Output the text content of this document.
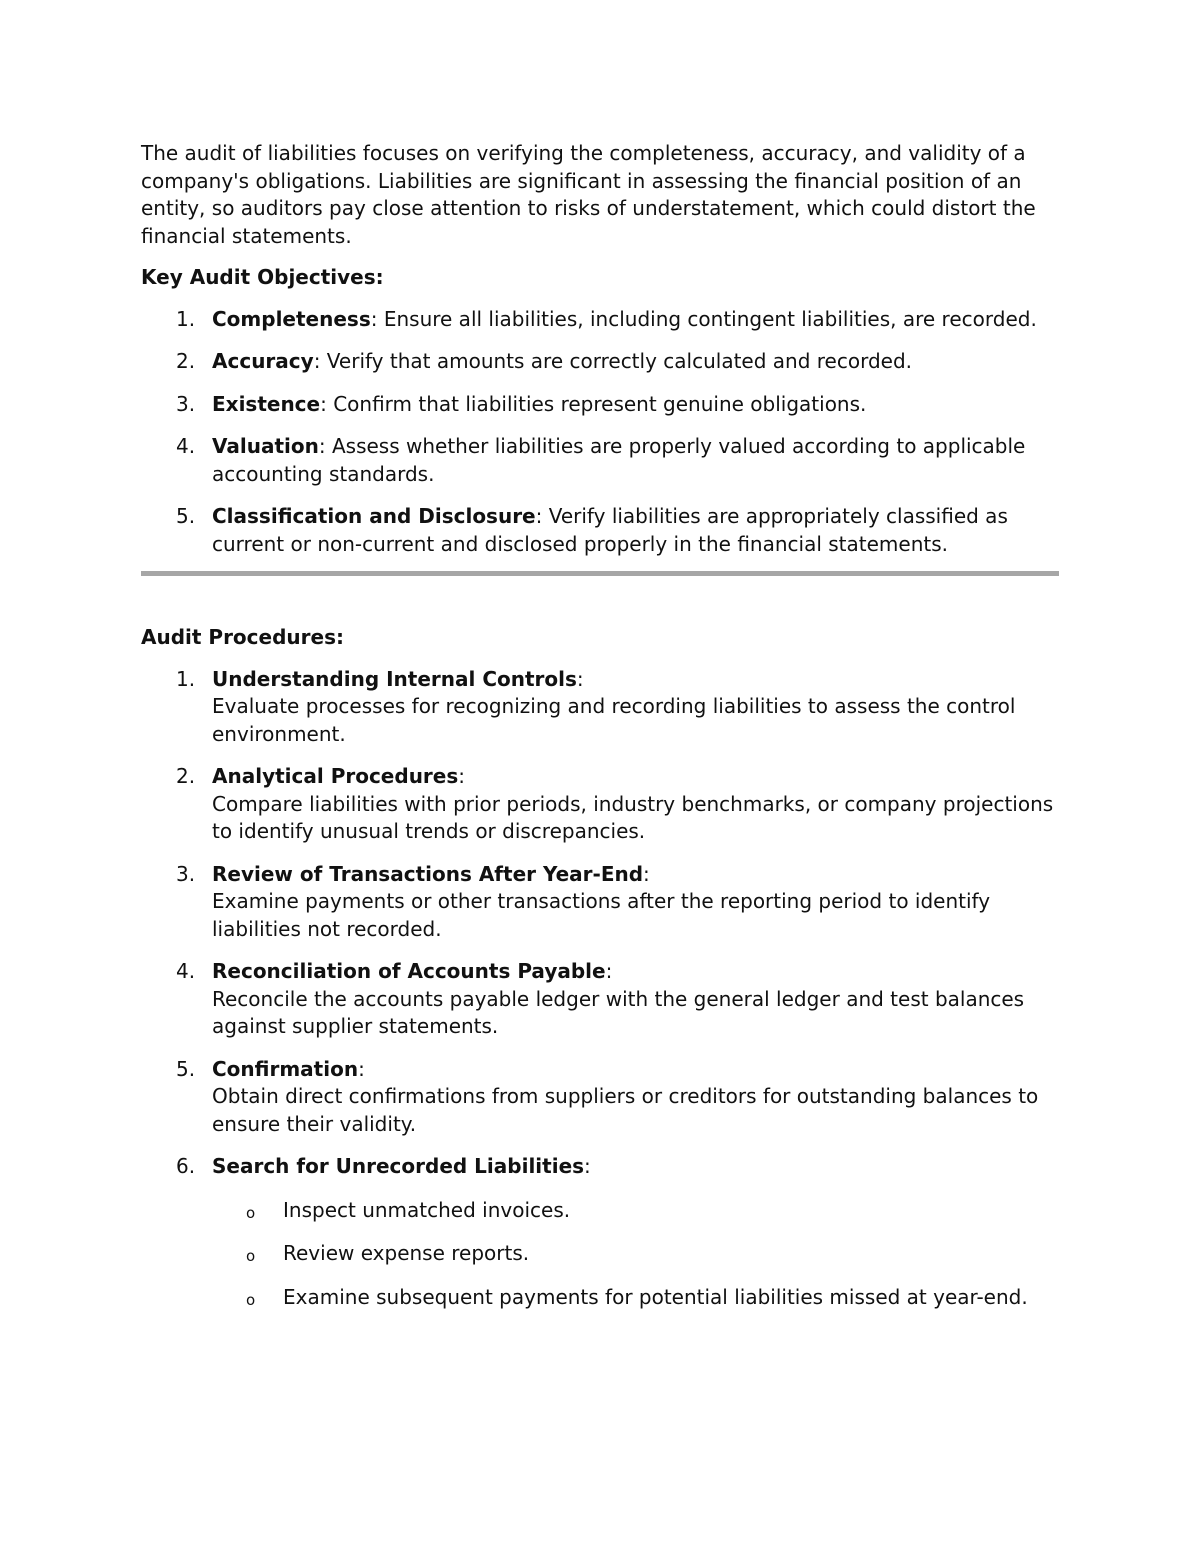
The audit of liabilities focuses on verifying the completeness, accuracy, and validity of a company's obligations. Liabilities are significant in assessing the financial position of an entity, so auditors pay close attention to risks of understatement, which could distort the financial statements.

Key Audit Objectives:
1. Completeness: Ensure all liabilities, including contingent liabilities, are recorded.
2. Accuracy: Verify that amounts are correctly calculated and recorded.
3. Existence: Confirm that liabilities represent genuine obligations.
4. Valuation: Assess whether liabilities are properly valued according to applicable accounting standards.
5. Classification and Disclosure: Verify liabilities are appropriately classified as current or non-current and disclosed properly in the financial statements.
Audit Procedures:
1. Understanding Internal Controls:
Evaluate processes for recognizing and recording liabilities to assess the control environment.
2. Analytical Procedures:
Compare liabilities with prior periods, industry benchmarks, or company projections to identify unusual trends or discrepancies.
3. Review of Transactions After Year-End:
Examine payments or other transactions after the reporting period to identify liabilities not recorded.
4. Reconciliation of Accounts Payable:
Reconcile the accounts payable ledger with the general ledger and test balances against supplier statements.
5. Confirmation:
Obtain direct confirmations from suppliers or creditors for outstanding balances to ensure their validity.
6. Search for Unrecorded Liabilities:
o Inspect unmatched invoices.
o Review expense reports.
o Examine subsequent payments for potential liabilities missed at year-end.
